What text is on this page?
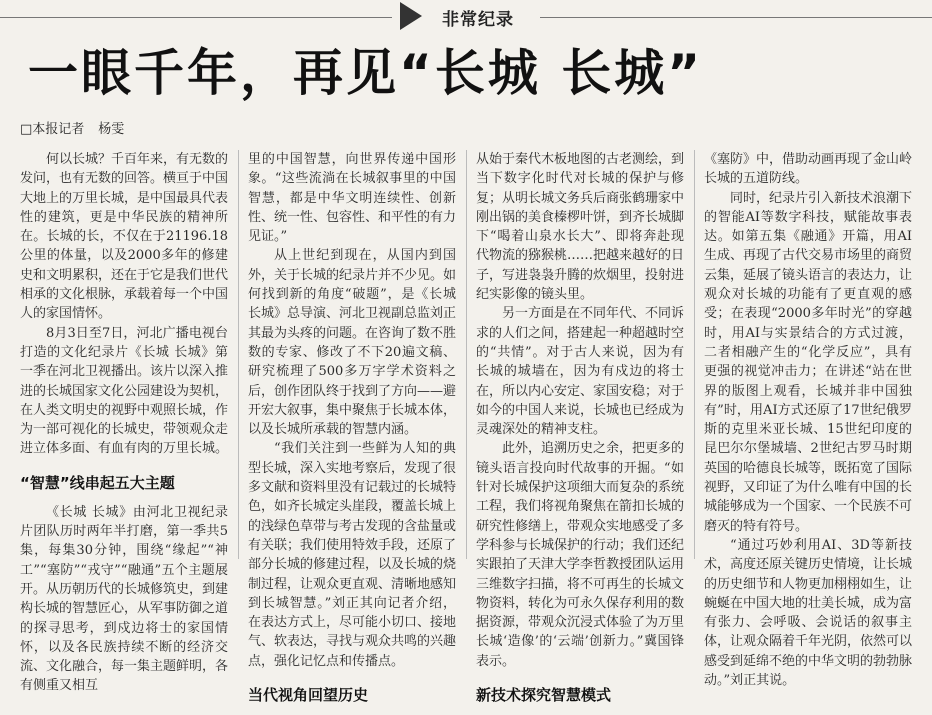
非常纪录
一眼千年，再见“长城 长城”
□本报记者 杨雯

何以长城？千百年来，有无数的发问，也有无数的回答。横亘于中国大地上的万里长城，是中国最具代表性的建筑，更是中华民族的精神所在。长城的长，不仅在于21196.18公里的体量，以及2000多年的修建史和文明累积，还在于它是我们世代相承的文化根脉，承载着每一个中国人的家国情怀。

8月3日至7日，河北广播电视台打造的文化纪录片《长城 长城》第一季在河北卫视播出。该片以深入推进的长城国家文化公园建设为契机，在人类文明史的视野中观照长城，作为一部可视化的长城史，带领观众走进立体多面、有血有肉的万里长城。

“智慧”线串起五大主题

《长城 长城》由河北卫视纪录片团队历时两年半打磨，第一季共5集，每集30分钟，围绕“缘起”“神工”“塞防”“戎守”“融通”五个主题展开。从历朝历代的长城修筑史，到建构长城的智慧匠心，从军事防御之道的探寻思考，到戍边将士的家国情怀，以及各民族持续不断的经济交流、文化融合，每一集主题鲜明，各有侧重又相互

里的中国智慧，向世界传递中国形象。“这些流淌在长城叙事里的中国智慧，都是中华文明连续性、创新性、统一性、包容性、和平性的有力见证。”

从上世纪到现在，从国内到国外，关于长城的纪录片并不少见。如何找到新的角度“破题”，是《长城 长城》总导演、河北卫视副总监刘正其最为头疼的问题。在咨询了数不胜数的专家、修改了不下20遍文稿、研究梳理了500多万字学术资料之后，创作团队终于找到了方向——避开宏大叙事，集中聚焦于长城本体，以及长城所承载的智慧内涵。

“我们关注到一些鲜为人知的典型长城，深入实地考察后，发现了很多文献和资料里没有记载过的长城特色，如齐长城定头崖段，覆盖长城上的浅绿色草带与考古发现的含盐量或有关联；我们使用特效手段，还原了部分长城的修建过程，以及长城的烧制过程，让观众更直观、清晰地感知到长城智慧。”刘正其向记者介绍，在表达方式上，尽可能小切口、接地气、软表达，寻找与观众共鸣的兴趣点，强化记忆点和传播点。

当代视角回望历史

从始于秦代木板地图的古老测绘，到当下数字化时代对长城的保护与修复；从明长城文务兵后商张鹤珊家中刚出锅的美食榛椤叶饼，到齐长城脚下“喝着山泉水长大”、即将奔赴现代物流的猕猴桃……把越来越好的日子，写进袅袅升腾的炊烟里，投射进纪实影像的镜头里。

另一方面是在不同年代、不同诉求的人们之间，搭建起一种超越时空的“共情”。对于古人来说，因为有长城的城墙在，因为有戍边的将士在，所以内心安定、家国安稳；对于如今的中国人来说，长城也已经成为灵魂深处的精神支柱。

此外，追溯历史之余，把更多的镜头语言投向时代故事的开掘。“如针对长城保护这项细大而复杂的系统工程，我们将视角聚焦在箭扣长城的研究性修缮上，带观众实地感受了多学科参与长城保护的行动；我们还纪实跟拍了天津大学李哲教授团队运用三维数字扫描，将不可再生的长城文物资料，转化为可永久保存利用的数据资源，带观众沉浸式体验了为万里长城‘造像’的‘云端’创新力。”冀国锋表示。

新技术探究智慧模式

《塞防》中，借助动画再现了金山岭长城的五道防线。

同时，纪录片引入新技术浪潮下的智能AI等数字科技，赋能故事表达。如第五集《融通》开篇，用AI生成、再现了古代交易市场里的商贸云集，延展了镜头语言的表达力，让观众对长城的功能有了更直观的感受；在表现“2000多年时光”的穿越时，用AI与实景结合的方式过渡，二者相融产生的“化学反应”，具有更强的视觉冲击力；在讲述“站在世界的版图上观看，长城并非中国独有”时，用AI方式还原了17世纪俄罗斯的克里米亚长城、15世纪印度的昆巴尔尔堡城墙、2世纪古罗马时期英国的哈德良长城等，既拓宽了国际视野，又印证了为什么唯有中国的长城能够成为一个国家、一个民族不可磨灭的特有符号。

“通过巧妙利用AI、3D等新技术，高度还原关键历史情境，让长城的历史细节和人物更加栩栩如生，让蜿蜒在中国大地的壮美长城，成为富有张力、会呼吸、会说话的叙事主体，让观众隔着千年光阴，依然可以感受到延绵不绝的中华文明的勃勃脉动。”刘正其说。
